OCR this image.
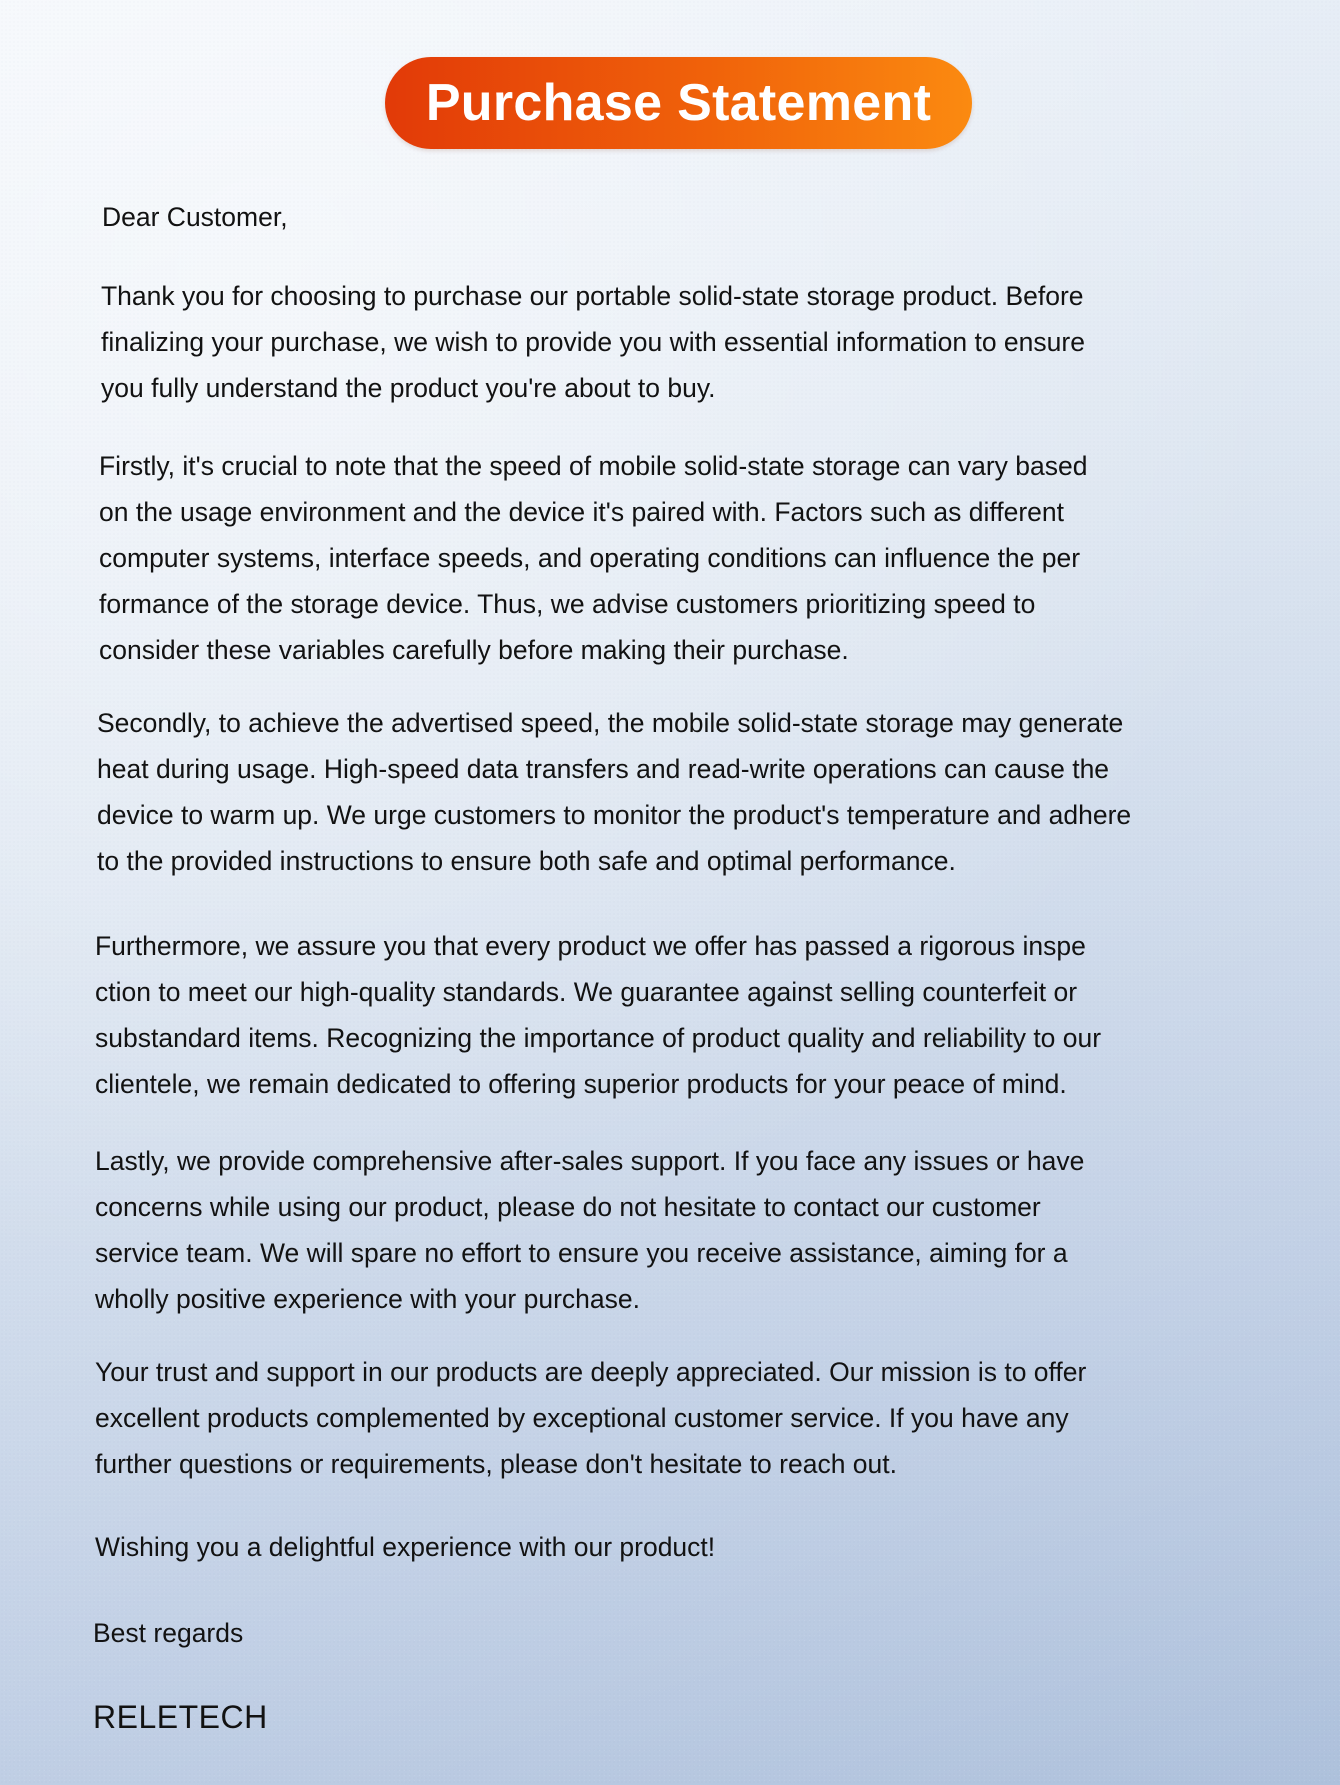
Purchase Statement

Dear Customer,

Thank you for choosing to purchase our portable solid-state storage product. Before
finalizing your purchase, we wish to provide you with essential information to ensure
you fully understand the product you're about to buy.
Firstly, it's crucial to note that the speed of mobile solid-state storage can vary based
on the usage environment and the device it's paired with. Factors such as different
computer systems, interface speeds, and operating conditions can influence the per
formance of the storage device. Thus, we advise customers prioritizing speed to
consider these variables carefully before making their purchase.
Secondly, to achieve the advertised speed, the mobile solid-state storage may generate
heat during usage. High-speed data transfers and read-write operations can cause the
device to warm up. We urge customers to monitor the product's temperature and adhere
to the provided instructions to ensure both safe and optimal performance.
Furthermore, we assure you that every product we offer has passed a rigorous inspe
ction to meet our high-quality standards. We guarantee against selling counterfeit or
substandard items. Recognizing the importance of product quality and reliability to our
clientele, we remain dedicated to offering superior products for your peace of mind.
Lastly, we provide comprehensive after-sales support. If you face any issues or have
concerns while using our product, please do not hesitate to contact our customer
service team. We will spare no effort to ensure you receive assistance, aiming for a
wholly positive experience with your purchase.
Your trust and support in our products are deeply appreciated. Our mission is to offer
excellent products complemented by exceptional customer service. If you have any
further questions or requirements, please don't hesitate to reach out.

Wishing you a delightful experience with our product!

Best regards

RELETECH
